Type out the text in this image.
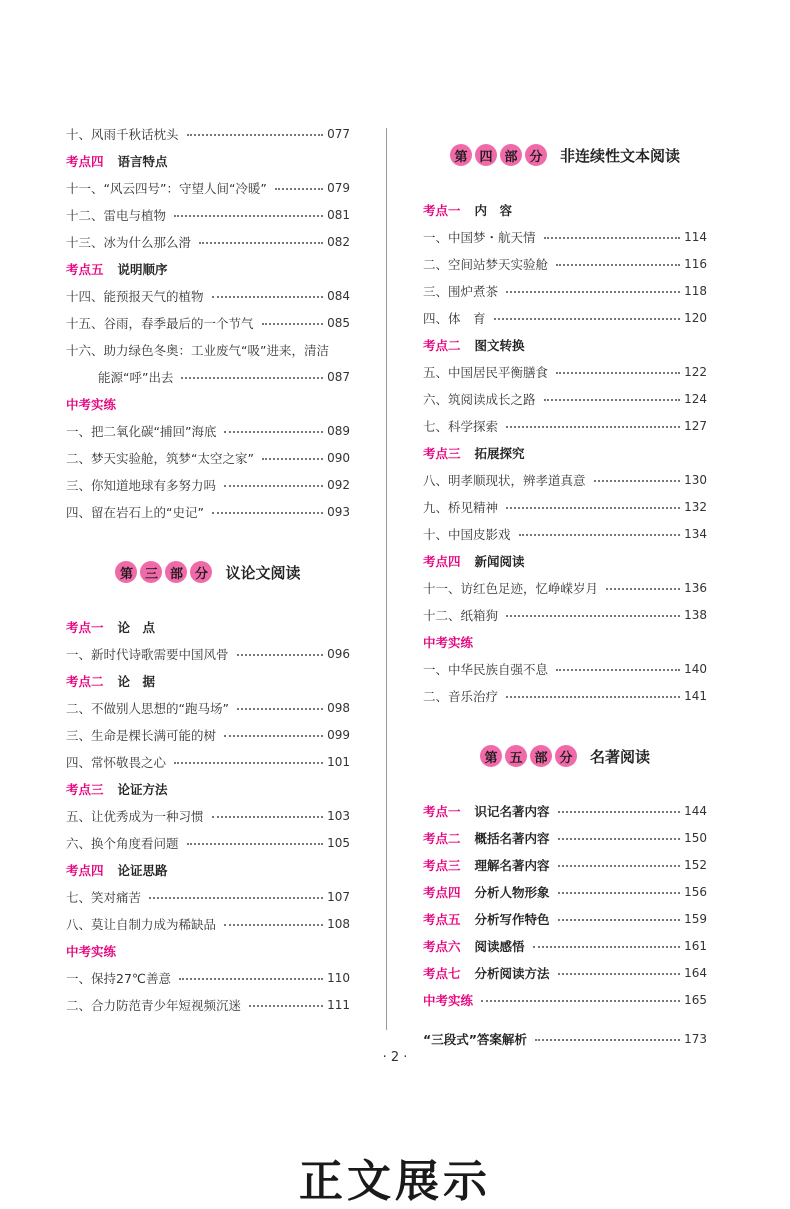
十、风雨千秋话枕头	077
考点四 语言特点
十一、“风云四号”：守望人间“冷暖”	079
十二、雷电与植物	081
十三、冰为什么那么滑	082
考点五 说明顺序
十四、能预报天气的植物	084
十五、谷雨，春季最后的一个节气	085
十六、助力绿色冬奥：工业废气“吸”进来，清洁
能源“呼”出去	087
中考实练
一、把二氧化碳“捕回”海底	089
二、梦天实验舱，筑梦“太空之家”	090
三、你知道地球有多努力吗	092
四、留在岩石上的“史记”	093
第 三 部 分	议论文阅读
考点一 论　点
一、新时代诗歌需要中国风骨	096
考点二 论　据
二、不做别人思想的“跑马场”	098
三、生命是棵长满可能的树	099
四、常怀敬畏之心	101
考点三 论证方法
五、让优秀成为一种习惯	103
六、换个角度看问题	105
考点四 论证思路
七、笑对痛苦	107
八、莫让自制力成为稀缺品	108
中考实练
一、保持27℃善意	110
二、合力防范青少年短视频沉迷	111
第 四 部 分	非连续性文本阅读
考点一 内　容
一、中国梦・航天情	114
二、空间站梦天实验舱	116
三、围炉煮茶	118
四、体　育	120
考点二 图文转换
五、中国居民平衡膳食	122
六、筑阅读成长之路	124
七、科学探索	127
考点三 拓展探究
八、明孝顺现状，辨孝道真意	130
九、桥见精神	132
十、中国皮影戏	134
考点四 新闻阅读
十一、访红色足迹，忆峥嵘岁月	136
十二、纸箱狗	138
中考实练
一、中华民族自强不息	140
二、音乐治疗	141
第 五 部 分	名著阅读
考点一 识记名著内容	144
考点二 概括名著内容	150
考点三 理解名著内容	152
考点四 分析人物形象	156
考点五 分析写作特色	159
考点六 阅读感悟	161
考点七 分析阅读方法	164
中考实练	165
“三段式”答案解析	173
· 2 ·
正文展示
